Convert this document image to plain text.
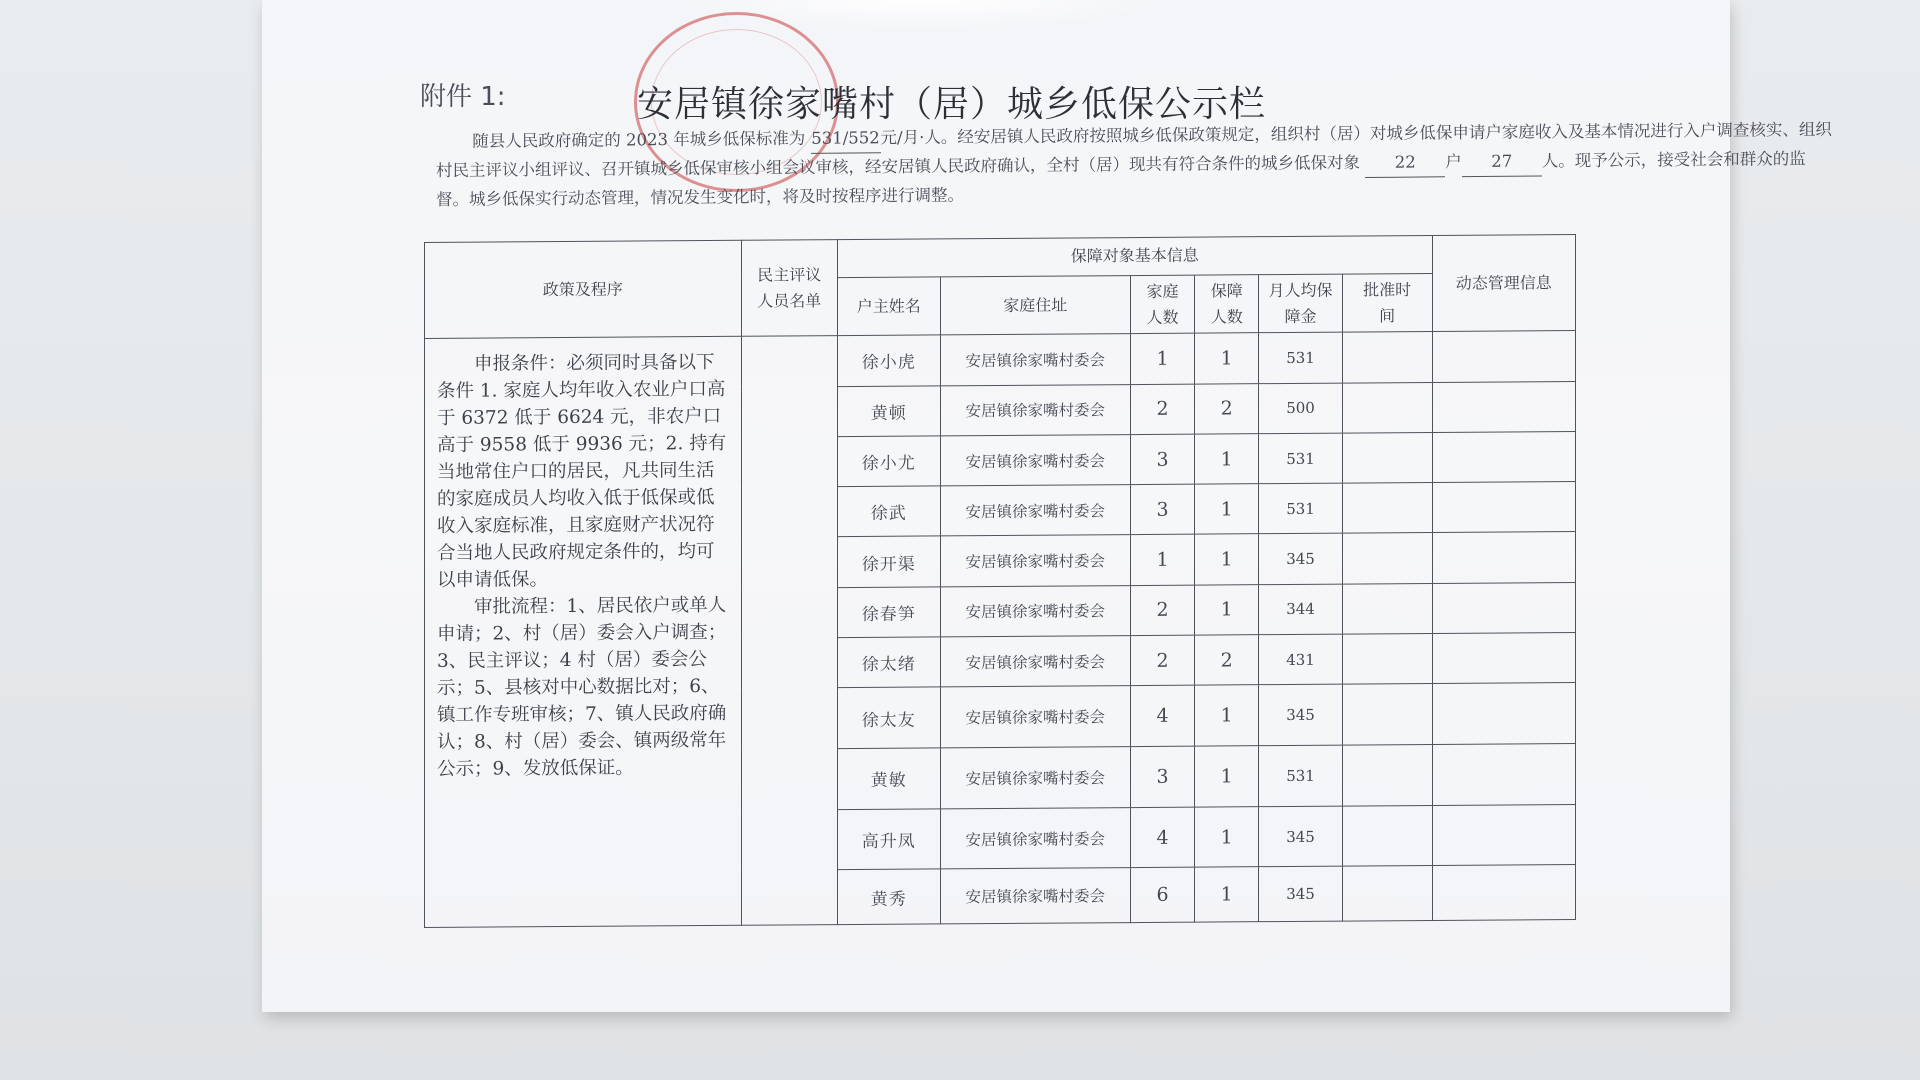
附件 1:	安居镇徐家嘴村（居）城乡低保公示栏

随县人民政府确定的 2023 年城乡低保标准为 531/552元/月·人。经安居镇人民政府按照城乡低保政策规定，组织村（居）对城乡低保申请户家庭收入及基本情况进行入户调查核实、组织村民主评议小组评议、召开镇城乡低保审核小组会议审核，经安居镇人民政府确认，全村（居）现共有符合条件的城乡低保对象 22 户 27 人。现予公示，接受社会和群众的监督。城乡低保实行动态管理，情况发生变化时，将及时按程序进行调整。

政策及程序	民主评议人员名单	保障对象基本信息						动态管理信息
		户主姓名	家庭住址	家庭人数	保障人数	月人均保障金	批准时间	

申报条件：必须同时具备以下条件 1. 家庭人均年收入农业户口高于 6372 低于 6624 元，非农户口高于 9558 低于 9936 元；2. 持有当地常住户口的居民，凡共同生活的家庭成员人均收入低于低保或低收入家庭标准，且家庭财产状况符合当地人民政府规定条件的，均可以申请低保。

审批流程：1、居民依户或单人申请；2、村（居）委会入户调查；3、民主评议；4 村（居）委会公示；5、县核对中心数据比对；6、镇工作专班审核；7、镇人民政府确认；8、村（居）委会、镇两级常年公示；9、发放低保证。		徐小虎	安居镇徐家嘴村委会	1	1	531		
		黄顿	安居镇徐家嘴村委会	2	2	500		
		徐小尤	安居镇徐家嘴村委会	3	1	531		
		徐武	安居镇徐家嘴村委会	3	1	531		
		徐开渠	安居镇徐家嘴村委会	1	1	345		
		徐春笋	安居镇徐家嘴村委会	2	1	344		
		徐太绪	安居镇徐家嘴村委会	2	2	431		
		徐太友	安居镇徐家嘴村委会	4	1	345		
		黄敏	安居镇徐家嘴村委会	3	1	531		
		高升凤	安居镇徐家嘴村委会	4	1	345		
		黄秀	安居镇徐家嘴村委会	6	1	345		
